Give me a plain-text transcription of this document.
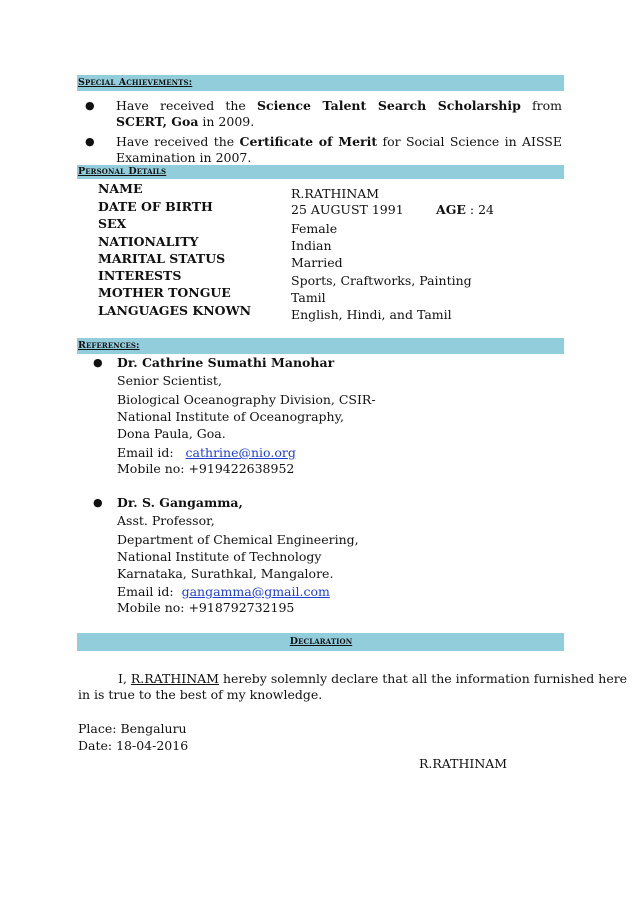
Special Achievements:
● Have received the Science Talent Search Scholarship from SCERT, Goa in 2009.
● Have received the Certificate of Merit for Social Science in AISSE Examination in 2007.
Personal Details
NAME
DATE OF BIRTH
SEX
NATIONALITY
MARITAL STATUS
INTERESTS
MOTHER TONGUE
LANGUAGES KNOWN
R.RATHINAM
25 AUGUST 1991	AGE : 24
Female
Indian
Married
Sports, Craftworks, Painting
Tamil
English, Hindi, and Tamil
References:
● Dr. Cathrine Sumathi Manohar
Senior Scientist,
Biological Oceanography Division, CSIR-
National Institute of Oceanography,
Dona Paula, Goa.
Email id: cathrine@nio.org
Mobile no: +919422638952
● Dr. S. Gangamma,
Asst. Professor,
Department of Chemical Engineering,
National Institute of Technology
Karnataka, Surathkal, Mangalore.
Email id: gangamma@gmail.com
Mobile no: +918792732195
Declaration
I, R.RATHINAM hereby solemnly declare that all the information furnished here
in is true to the best of my knowledge.
Place: Bengaluru
Date: 18-04-2016
R.RATHINAM
